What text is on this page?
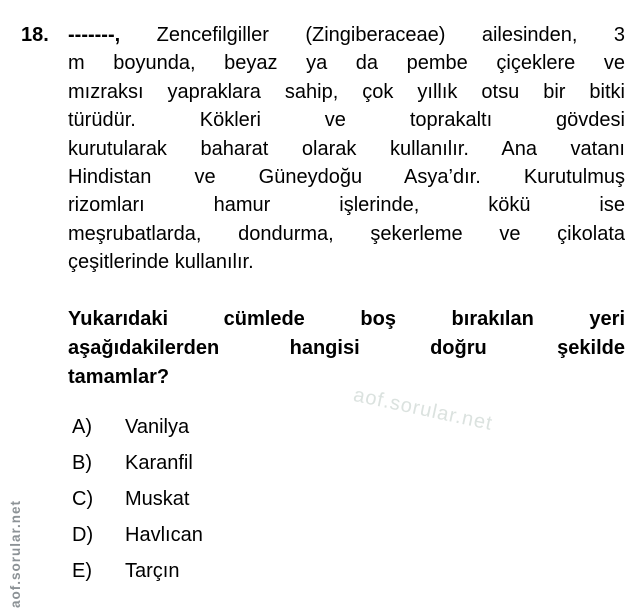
aof.sorular.net
aof.sorular.net
18. -------, Zencefilgiller (Zingiberaceae) ailesinden, 3
m boyunda, beyaz ya da pembe çiçeklere ve
mızraksı yapraklara sahip, çok yıllık otsu bir bitki
türüdür. Kökleri ve toprakaltı gövdesi
kurutularak baharat olarak kullanılır. Ana vatanı
Hindistan ve Güneydoğu Asya’dır. Kurutulmuş
rizomları hamur işlerinde, kökü ise
meşrubatlarda, dondurma, şekerleme ve çikolata
çeşitlerinde kullanılır.
Yukarıdaki cümlede boş bırakılan yeri
aşağıdakilerden hangisi doğru şekilde
tamamlar?
A) Vanilya
B) Karanfil
C) Muskat
D) Havlıcan
E) Tarçın
